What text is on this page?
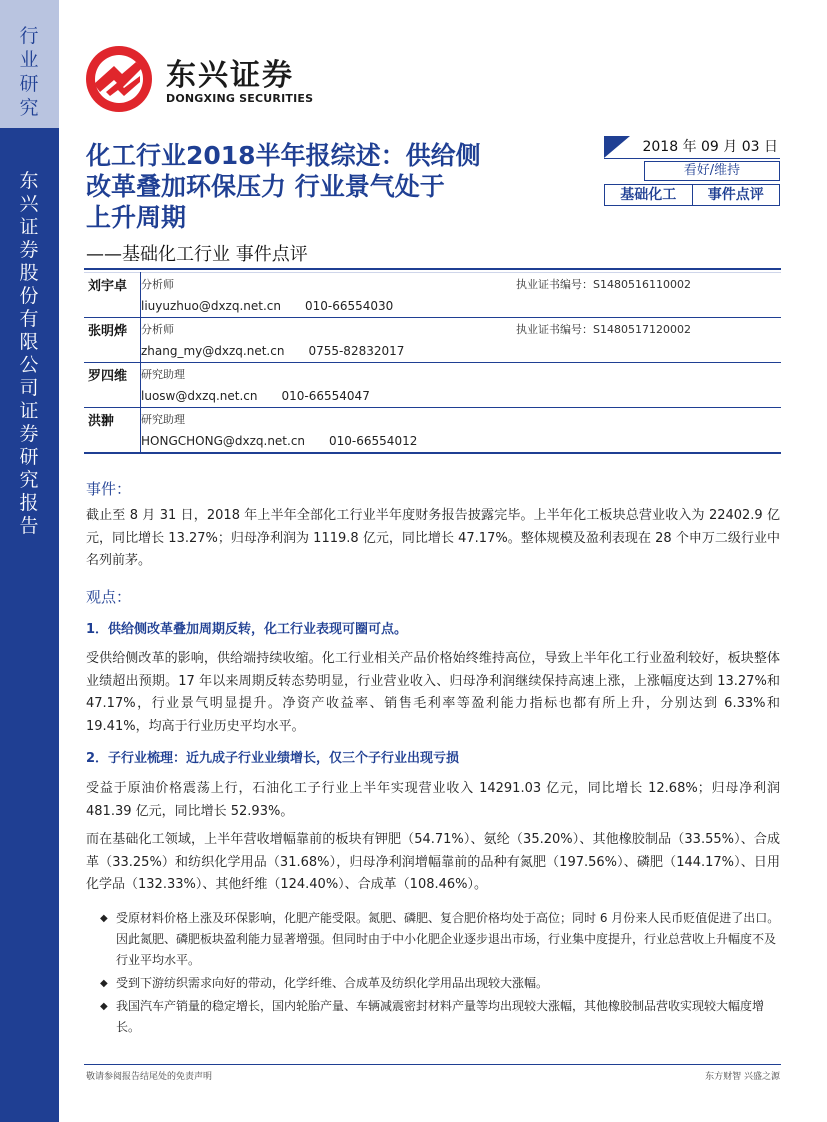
行
业
研
究
东
兴
证
券
股
份
有
限
公
司
证
券
研
究
报
告
东兴证券
DONGXING SECURITIES
化工行业2018半年报综述：供给侧
改革叠加环保压力 行业景气处于
上升周期
——基础化工行业 事件点评
2018 年 09 月 03 日
看好/维持
基础化工	事件点评
刘宇卓	分析师	执业证书编号：S1480516110002
liuyuzhuo@dxzq.net.cn 010-66554030
张明烨	分析师	执业证书编号：S1480517120002
zhang_my@dxzq.net.cn 0755-82832017
罗四维	研究助理
luosw@dxzq.net.cn 010-66554047
洪翀	研究助理
HONGCHONG@dxzq.net.cn 010-66554012
事件：
截止至 8 月 31 日，2018 年上半年全部化工行业半年度财务报告披露完毕。上半年化工板块总营业收入为 22402.9 亿元，同比增长 13.27%；归母净利润为 1119.8 亿元，同比增长 47.17%。整体规模及盈利表现在 28 个申万二级行业中名列前茅。
观点：
1．供给侧改革叠加周期反转，化工行业表现可圈可点。
受供给侧改革的影响，供给端持续收缩。化工行业相关产品价格始终维持高位，导致上半年化工行业盈利较好，板块整体业绩超出预期。17 年以来周期反转态势明显，行业营业收入、归母净利润继续保持高速上涨，上涨幅度达到 13.27%和 47.17%，行业景气明显提升。净资产收益率、销售毛利率等盈利能力指标也都有所上升，分别达到 6.33%和 19.41%，均高于行业历史平均水平。
2．子行业梳理：近九成子行业业绩增长，仅三个子行业出现亏损
受益于原油价格震荡上行，石油化工子行业上半年实现营业收入 14291.03 亿元，同比增长 12.68%；归母净利润 481.39 亿元，同比增长 52.93%。
而在基础化工领域，上半年营收增幅靠前的板块有钾肥（54.71%）、氨纶（35.20%）、其他橡胶制品（33.55%）、合成革（33.25%）和纺织化学用品（31.68%），归母净利润增幅靠前的品种有氮肥（197.56%）、磷肥（144.17%）、日用化学品（132.33%）、其他纤维（124.40%）、合成革（108.46%）。
◆ 受原材料价格上涨及环保影响，化肥产能受限。氮肥、磷肥、复合肥价格均处于高位；同时 6 月份来人民币贬值促进了出口。因此氮肥、磷肥板块盈利能力显著增强。但同时由于中小化肥企业逐步退出市场，行业集中度提升，行业总营收上升幅度不及行业平均水平。
◆ 受到下游纺织需求向好的带动，化学纤维、合成革及纺织化学用品出现较大涨幅。
◆ 我国汽车产销量的稳定增长，国内轮胎产量、车辆减震密封材料产量等均出现较大涨幅，其他橡胶制品营收实现较大幅度增长。
敬请参阅报告结尾处的免责声明	东方财智 兴盛之源
